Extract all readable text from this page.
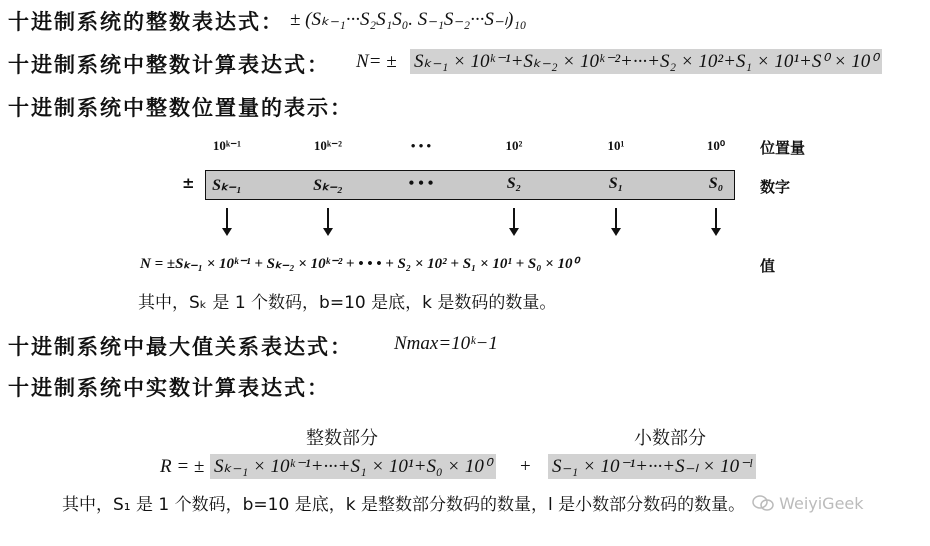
十进制系统的整数表达式： ± (Sₖ₋₁···S₂S₁S₀. S₋₁S₋₂···S₋ₗ)₁₀
十进制系统中整数计算表达式： N= ± Sₖ₋₁ × 10ᵏ⁻¹+Sₖ₋₂ × 10ᵏ⁻²+···+S₂ × 10²+S₁ × 10¹+S⁰ × 10⁰
十进制系统中整数位置量的表示：
10ᵏ⁻¹	10ᵏ⁻²	• • •	10²	10¹	10⁰	位置量
±	Sₖ₋₁	Sₖ₋₂	• • •	S₂	S₁	S₀	数字
N = ±Sₖ₋₁ × 10ᵏ⁻¹ + Sₖ₋₂ × 10ᵏ⁻² + • • • + S₂ × 10² + S₁ × 10¹ + S₀ × 10⁰	值
其中，Sₖ 是 1 个数码，b=10 是底，k 是数码的数量。
十进制系统中最大值关系表达式： Nmax=10ᵏ−1
十进制系统中实数计算表达式：
整数部分	小数部分
R = ± Sₖ₋₁ × 10ᵏ⁻¹+···+S₁ × 10¹+S₀ × 10⁰ + S₋₁ × 10⁻¹+···+S₋ₗ × 10⁻ˡ
其中，S₁ 是 1 个数码，b=10 是底，k 是整数部分数码的数量，l 是小数部分数码的数量。	WeiyiGeek
